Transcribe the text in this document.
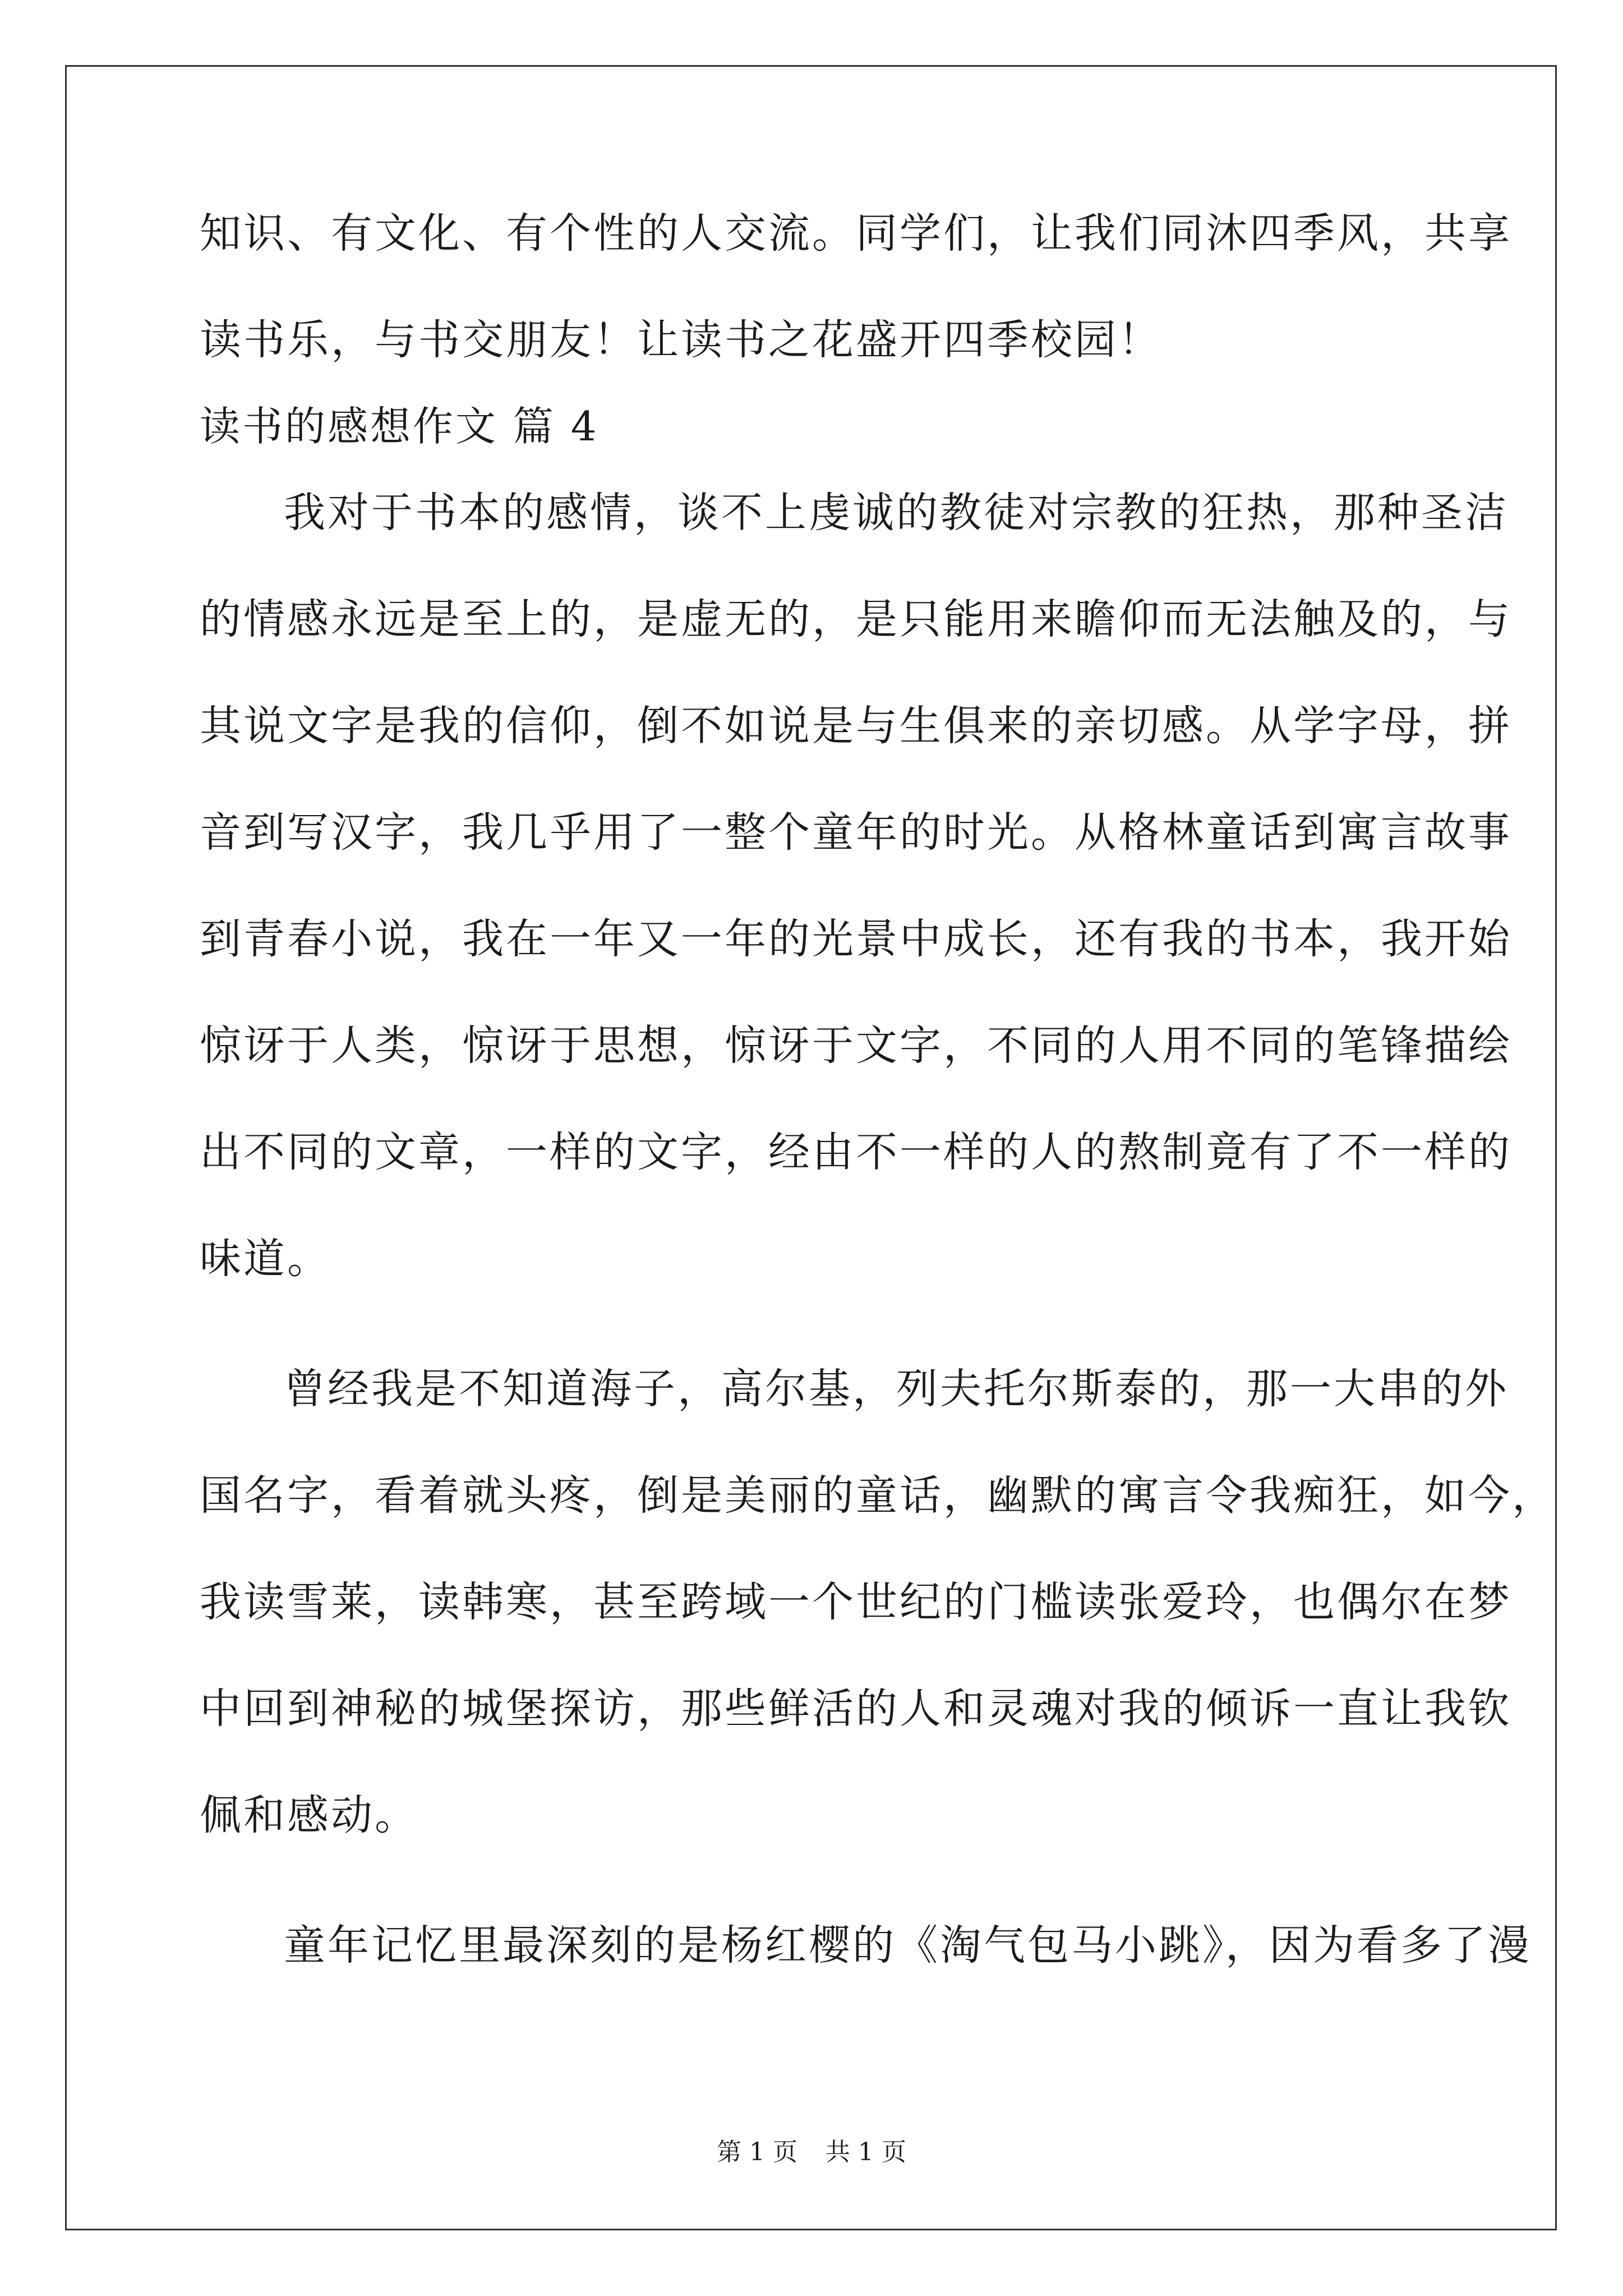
知识、有文化、有个性的人交流。同学们，让我们同沐四季风，共享

读书乐，与书交朋友！让读书之花盛开四季校园！

读书的感想作文 篇 4

我对于书本的感情，谈不上虔诚的教徒对宗教的狂热，那种圣洁

的情感永远是至上的，是虚无的，是只能用来瞻仰而无法触及的，与

其说文字是我的信仰，倒不如说是与生俱来的亲切感。从学字母，拼

音到写汉字，我几乎用了一整个童年的时光。从格林童话到寓言故事

到青春小说，我在一年又一年的光景中成长，还有我的书本，我开始

惊讶于人类，惊讶于思想，惊讶于文字，不同的人用不同的笔锋描绘

出不同的文章，一样的文字，经由不一样的人的熬制竟有了不一样的

味道。

曾经我是不知道海子，高尔基，列夫托尔斯泰的，那一大串的外

国名字，看着就头疼，倒是美丽的童话，幽默的寓言令我痴狂，如今，

我读雪莱，读韩寒，甚至跨域一个世纪的门槛读张爱玲，也偶尔在梦

中回到神秘的城堡探访，那些鲜活的人和灵魂对我的倾诉一直让我钦

佩和感动。

童年记忆里最深刻的是杨红樱的《淘气包马小跳》，因为看多了漫

第 1 页 共 1 页
